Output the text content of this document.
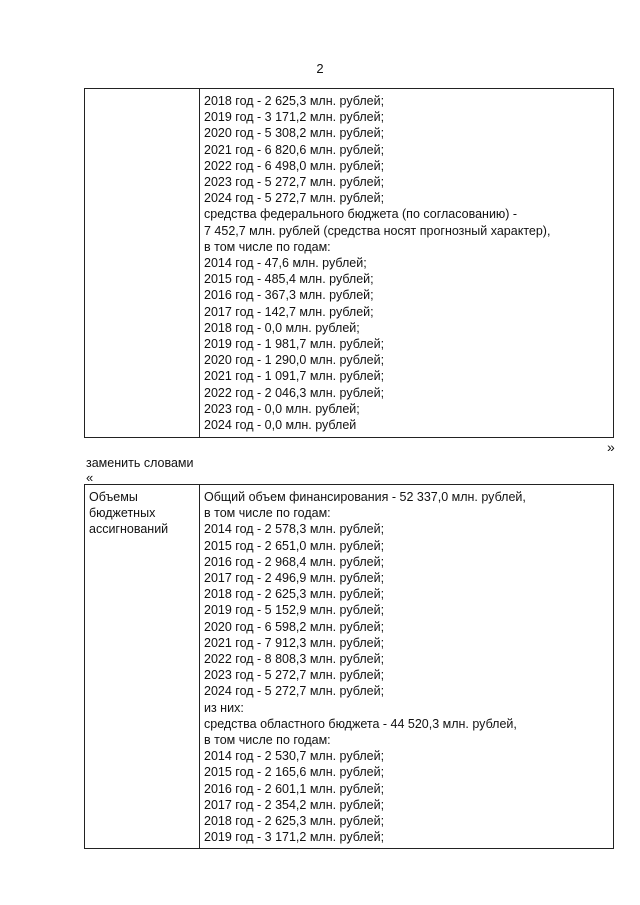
2
2018 год - 2 625,3 млн. рублей;
2019 год - 3 171,2 млн. рублей;
2020 год - 5 308,2 млн. рублей;
2021 год - 6 820,6 млн. рублей;
2022 год - 6 498,0 млн. рублей;
2023 год - 5 272,7 млн. рублей;
2024 год - 5 272,7 млн. рублей;
средства федерального бюджета (по согласованию) -
7 452,7 млн. рублей (средства носят прогнозный характер),
в том числе по годам:
2014 год - 47,6 млн. рублей;
2015 год - 485,4 млн. рублей;
2016 год - 367,3 млн. рублей;
2017 год - 142,7 млн. рублей;
2018 год - 0,0 млн. рублей;
2019 год - 1 981,7 млн. рублей;
2020 год - 1 290,0 млн. рублей;
2021 год - 1 091,7 млн. рублей;
2022 год - 2 046,3 млн. рублей;
2023 год - 0,0 млн. рублей;
2024 год - 0,0 млн. рублей
»
заменить словами
«
Объемы
бюджетных
ассигнований
Общий объем финансирования - 52 337,0 млн. рублей,
в том числе по годам:
2014 год - 2 578,3 млн. рублей;
2015 год - 2 651,0 млн. рублей;
2016 год - 2 968,4 млн. рублей;
2017 год - 2 496,9 млн. рублей;
2018 год - 2 625,3 млн. рублей;
2019 год - 5 152,9 млн. рублей;
2020 год - 6 598,2 млн. рублей;
2021 год - 7 912,3 млн. рублей;
2022 год - 8 808,3 млн. рублей;
2023 год - 5 272,7 млн. рублей;
2024 год - 5 272,7 млн. рублей;
из них:
средства областного бюджета - 44 520,3 млн. рублей,
в том числе по годам:
2014 год - 2 530,7 млн. рублей;
2015 год - 2 165,6 млн. рублей;
2016 год - 2 601,1 млн. рублей;
2017 год - 2 354,2 млн. рублей;
2018 год - 2 625,3 млн. рублей;
2019 год - 3 171,2 млн. рублей;
